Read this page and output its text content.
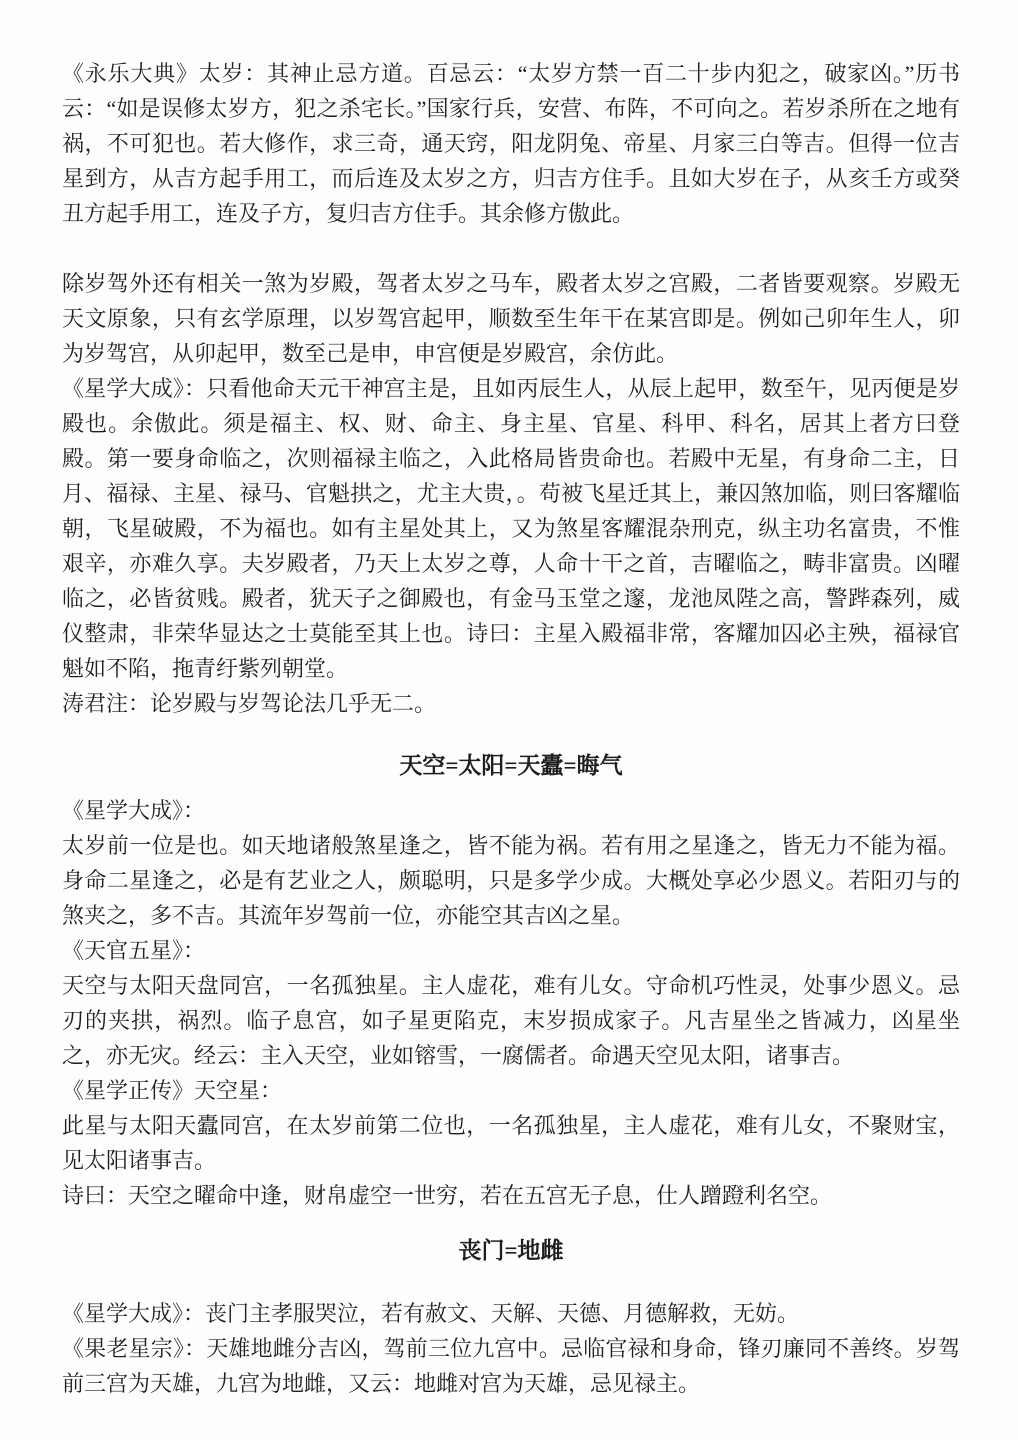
《永乐大典》太岁：其神止忌方道。百忌云：“太岁方禁一百二十步内犯之，破家凶。”历书云：“如是误修太岁方，犯之杀宅长。”国家行兵，安营、布阵，不可向之。若岁杀所在之地有祸，不可犯也。若大修作，求三奇，通天窍，阳龙阴兔、帝星、月家三白等吉。但得一位吉星到方，从吉方起手用工，而后连及太岁之方，归吉方住手。且如大岁在子，从亥壬方或癸丑方起手用工，连及子方，复归吉方住手。其余修方傲此。

除岁驾外还有相关一煞为岁殿，驾者太岁之马车，殿者太岁之宫殿，二者皆要观察。岁殿无天文原象，只有玄学原理，以岁驾宫起甲，顺数至生年干在某宫即是。例如己卯年生人，卯为岁驾宫，从卯起甲，数至己是申，申宫便是岁殿宫，余仿此。

《星学大成》：只看他命天元干神宫主是，且如丙辰生人，从辰上起甲，数至午，见丙便是岁殿也。余傲此。须是福主、权、财、命主、身主星、官星、科甲、科名，居其上者方曰登殿。第一要身命临之，次则福禄主临之，入此格局皆贵命也。若殿中无星，有身命二主，日月、福禄、主星、禄马、官魁拱之，尤主大贵，。苟被飞星迁其上，兼囚煞加临，则曰客耀临朝，飞星破殿，不为福也。如有主星处其上，又为煞星客耀混杂刑克，纵主功名富贵，不惟艰辛，亦难久享。夫岁殿者，乃天上太岁之尊，人命十干之首，吉曜临之，畴非富贵。凶曜临之，必皆贫贱。殿者，犹天子之御殿也，有金马玉堂之邃，龙池凤陛之高，警跸森列，威仪整肃，非荣华显达之士莫能至其上也。诗曰：主星入殿福非常，客耀加囚必主殃，福禄官魁如不陷，拖青纡紫列朝堂。

涛君注：论岁殿与岁驾论法几乎无二。

天空=太阳=天蠹=晦气

《星学大成》：

太岁前一位是也。如天地诸般煞星逢之，皆不能为祸。若有用之星逢之，皆无力不能为福。身命二星逢之，必是有艺业之人，颇聪明，只是多学少成。大概处享必少恩义。若阳刃与的煞夹之，多不吉。其流年岁驾前一位，亦能空其吉凶之星。

《天官五星》：

天空与太阳天盘同宫，一名孤独星。主人虚花，难有儿女。守命机巧性灵，处事少恩义。忌刃的夹拱，祸烈。临子息宫，如子星更陷克，末岁损成家子。凡吉星坐之皆减力，凶星坐之，亦无灾。经云：主入天空，业如镕雪，一腐儒者。命遇天空见太阳，诸事吉。

《星学正传》天空星：

此星与太阳天蠹同宫，在太岁前第二位也，一名孤独星，主人虚花，难有儿女，不聚财宝，见太阳诸事吉。

诗曰：天空之曜命中逢，财帛虚空一世穷，若在五宫无子息，仕人蹭蹬利名空。

丧门=地雌

《星学大成》：丧门主孝服哭泣，若有赦文、天解、天德、月德解救，无妨。

《果老星宗》：天雄地雌分吉凶，驾前三位九宫中。忌临官禄和身命，锋刃廉同不善终。岁驾前三宫为天雄，九宫为地雌，又云：地雌对宫为天雄，忌见禄主。
